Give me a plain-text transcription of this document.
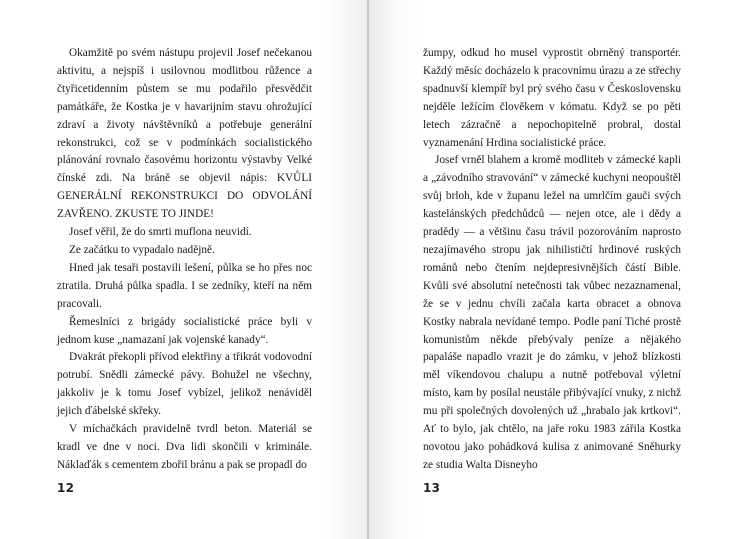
Okamžitě po svém nástupu projevil Josef nečekanou aktivitu, a nejspíš i usilovnou modlitbou růžence a čtyřicetidenním půstem se mu podařilo přesvědčit památkáře, že Kostka je v havarijním stavu ohrožující zdraví a životy návštěvníků a potřebuje generální rekonstrukci, což se v podmínkách socialistického plánování rovnalo časovému horizontu výstavby Velké čínské zdi. Na bráně se objevil nápis: KVŮLI GENERÁLNÍ REKONSTRUKCI DO ODVOLÁNÍ ZAVŘENO. ZKUSTE TO JINDE!

Josef věřil, že do smrti muflona neuvidí.

Ze začátku to vypadalo nadějně.

Hned jak tesaři postavili lešení, půlka se ho přes noc ztratila. Druhá půlka spadla. I se zedníky, kteří na něm pracovali.

Řemeslníci z brigády socialistické práce byli v jednom kuse „namazaní jak vojenské kanady“.

Dvakrát překopli přívod elektřiny a třikrát vodovodní potrubí. Snědli zámecké pávy. Bohužel ne všechny, jakkoliv je k tomu Josef vybízel, jelikož nenáviděl jejich ďábelské skřeky.

V míchačkách pravidelně tvrdl beton. Materiál se kradl ve dne v noci. Dva lidi skončili v kriminále. Náklaďák s cementem zbořil bránu a pak se propadl do

12

žumpy, odkud ho musel vyprostit obrněný transportér. Každý měsíc docházelo k pracovnímu úrazu a ze střechy spadnuvší klempíř byl prý svého času v Československu nejděle ležícím člověkem v kómatu. Když se po pěti letech zázračně a nepochopitelně probral, dostal vyznamenání Hrdina socialistické práce.

Josef vrněl blahem a kromě modliteb v zámecké kapli a „závodního stravování“ v zámecké kuchyni neopouštěl svůj brloh, kde v županu ležel na umrlčím gauči svých kastelánských předchůdců — nejen otce, ale i dědy a pradědy — a většinu času trávil pozorováním naprosto nezajímavého stropu jak nihilističtí hrdinové ruských románů nebo čtením nejdepresivnějších částí Bible. Kvůli své absolutní netečnosti tak vůbec nezaznamenal, že se v jednu chvíli začala karta obracet a obnova Kostky nabrala nevídané tempo. Podle paní Tiché prostě komunistům někde přebývaly peníze a nějakého papaláše napadlo vrazit je do zámku, v jehož blízkosti měl víkendovou chalupu a nutně potřeboval výletní místo, kam by posílal neustále přibývající vnuky, z nichž mu při společných dovolených už „hrabalo jak krtkovi“. Ať to bylo, jak chtělo, na jaře roku 1983 zářila Kostka novotou jako pohádková kulisa z animované Sněhurky ze studia Walta Disneyho

13
